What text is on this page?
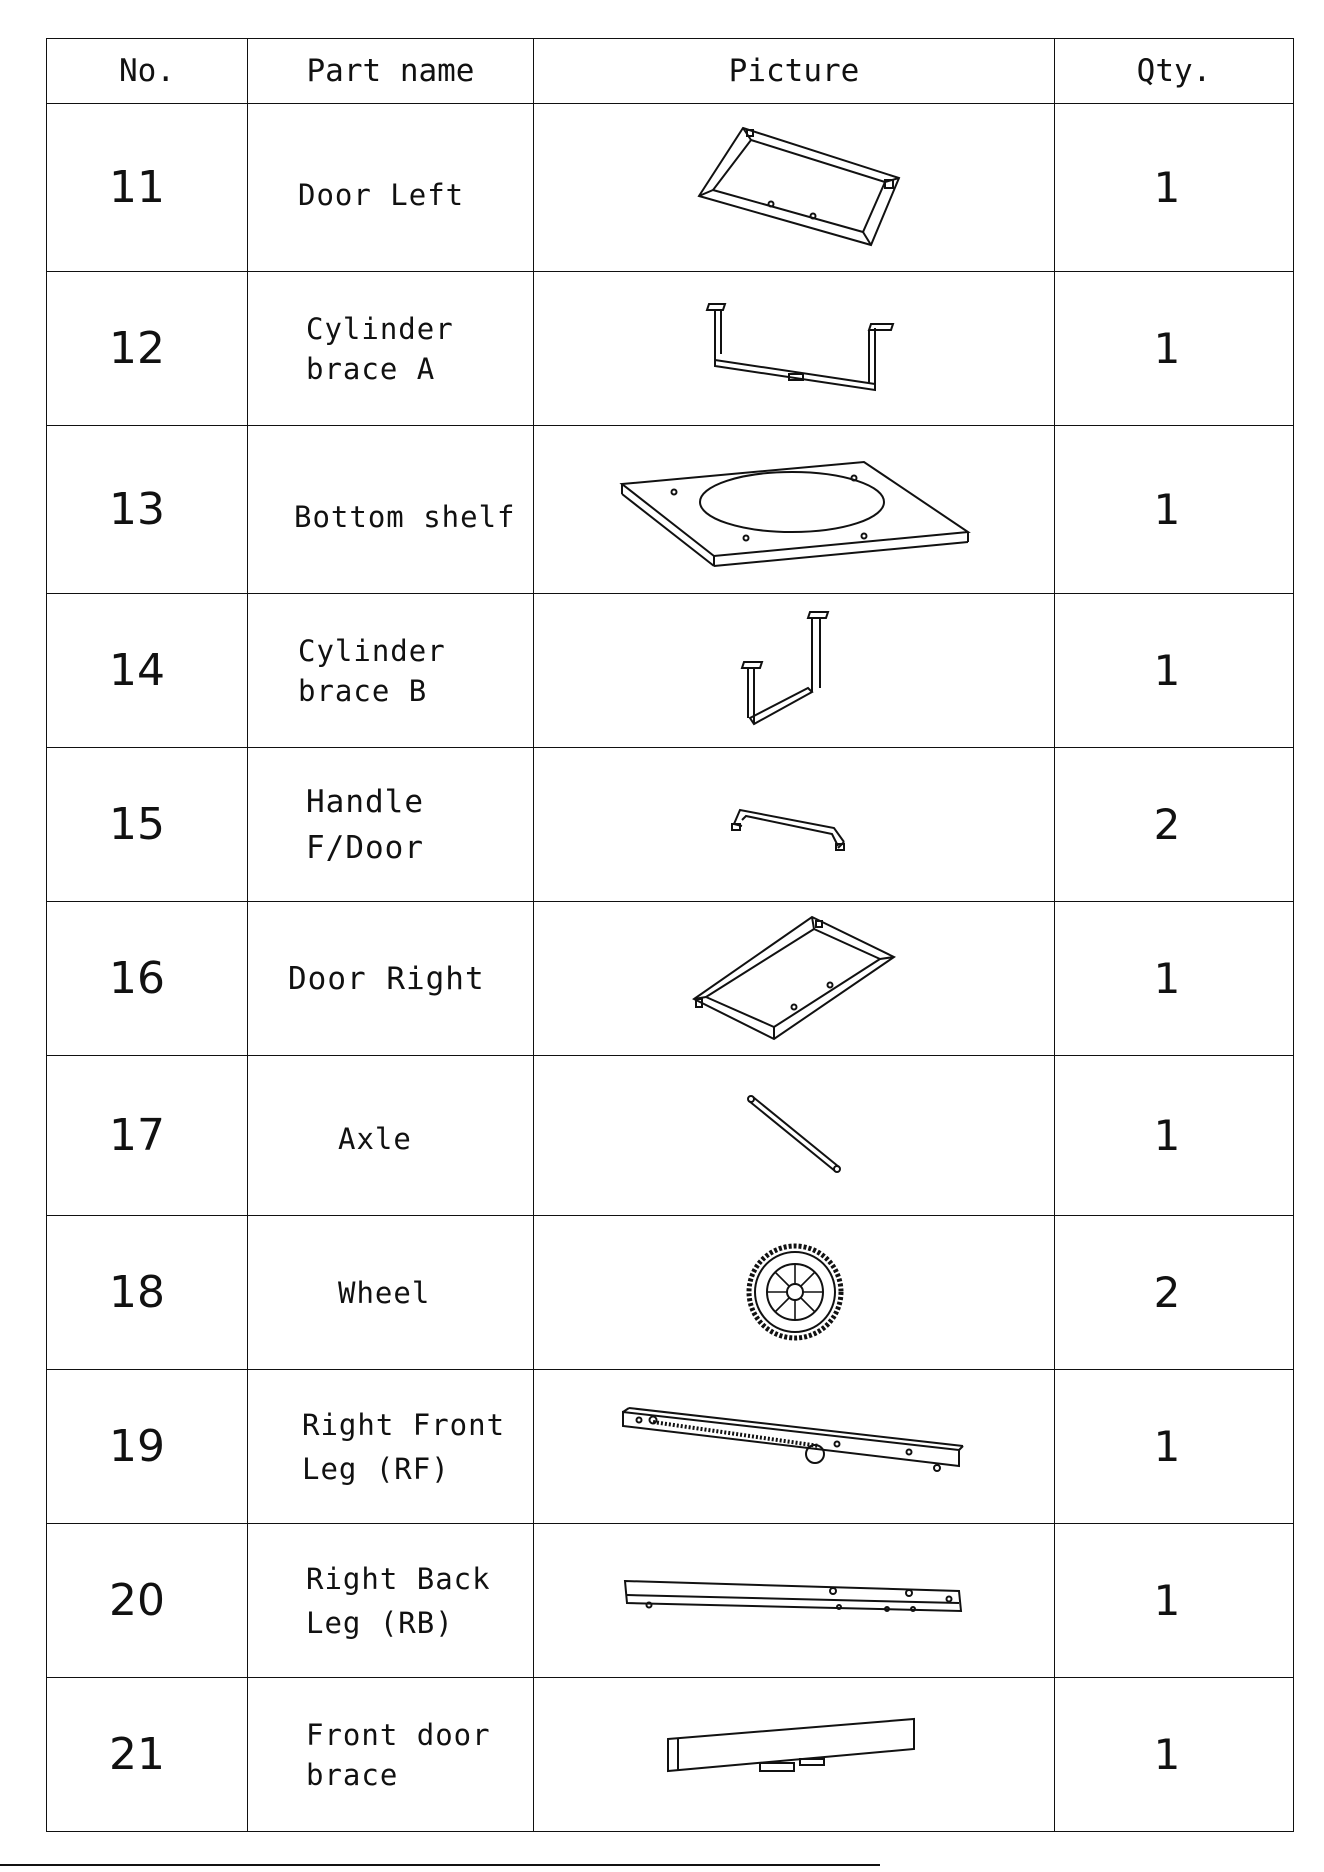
No.	Part name	Picture	Qty.
11	Door Left		1
12	Cylinder
brace A		1
13	Bottom shelf		1
14	Cylinder
brace B		1
15	Handle
F/Door		2
16	Door Right		1
17	Axle		1
18	Wheel		2
19	Right Front
Leg (RF)		1
20	Right Back
Leg (RB)		1
21	Front door
brace		1
